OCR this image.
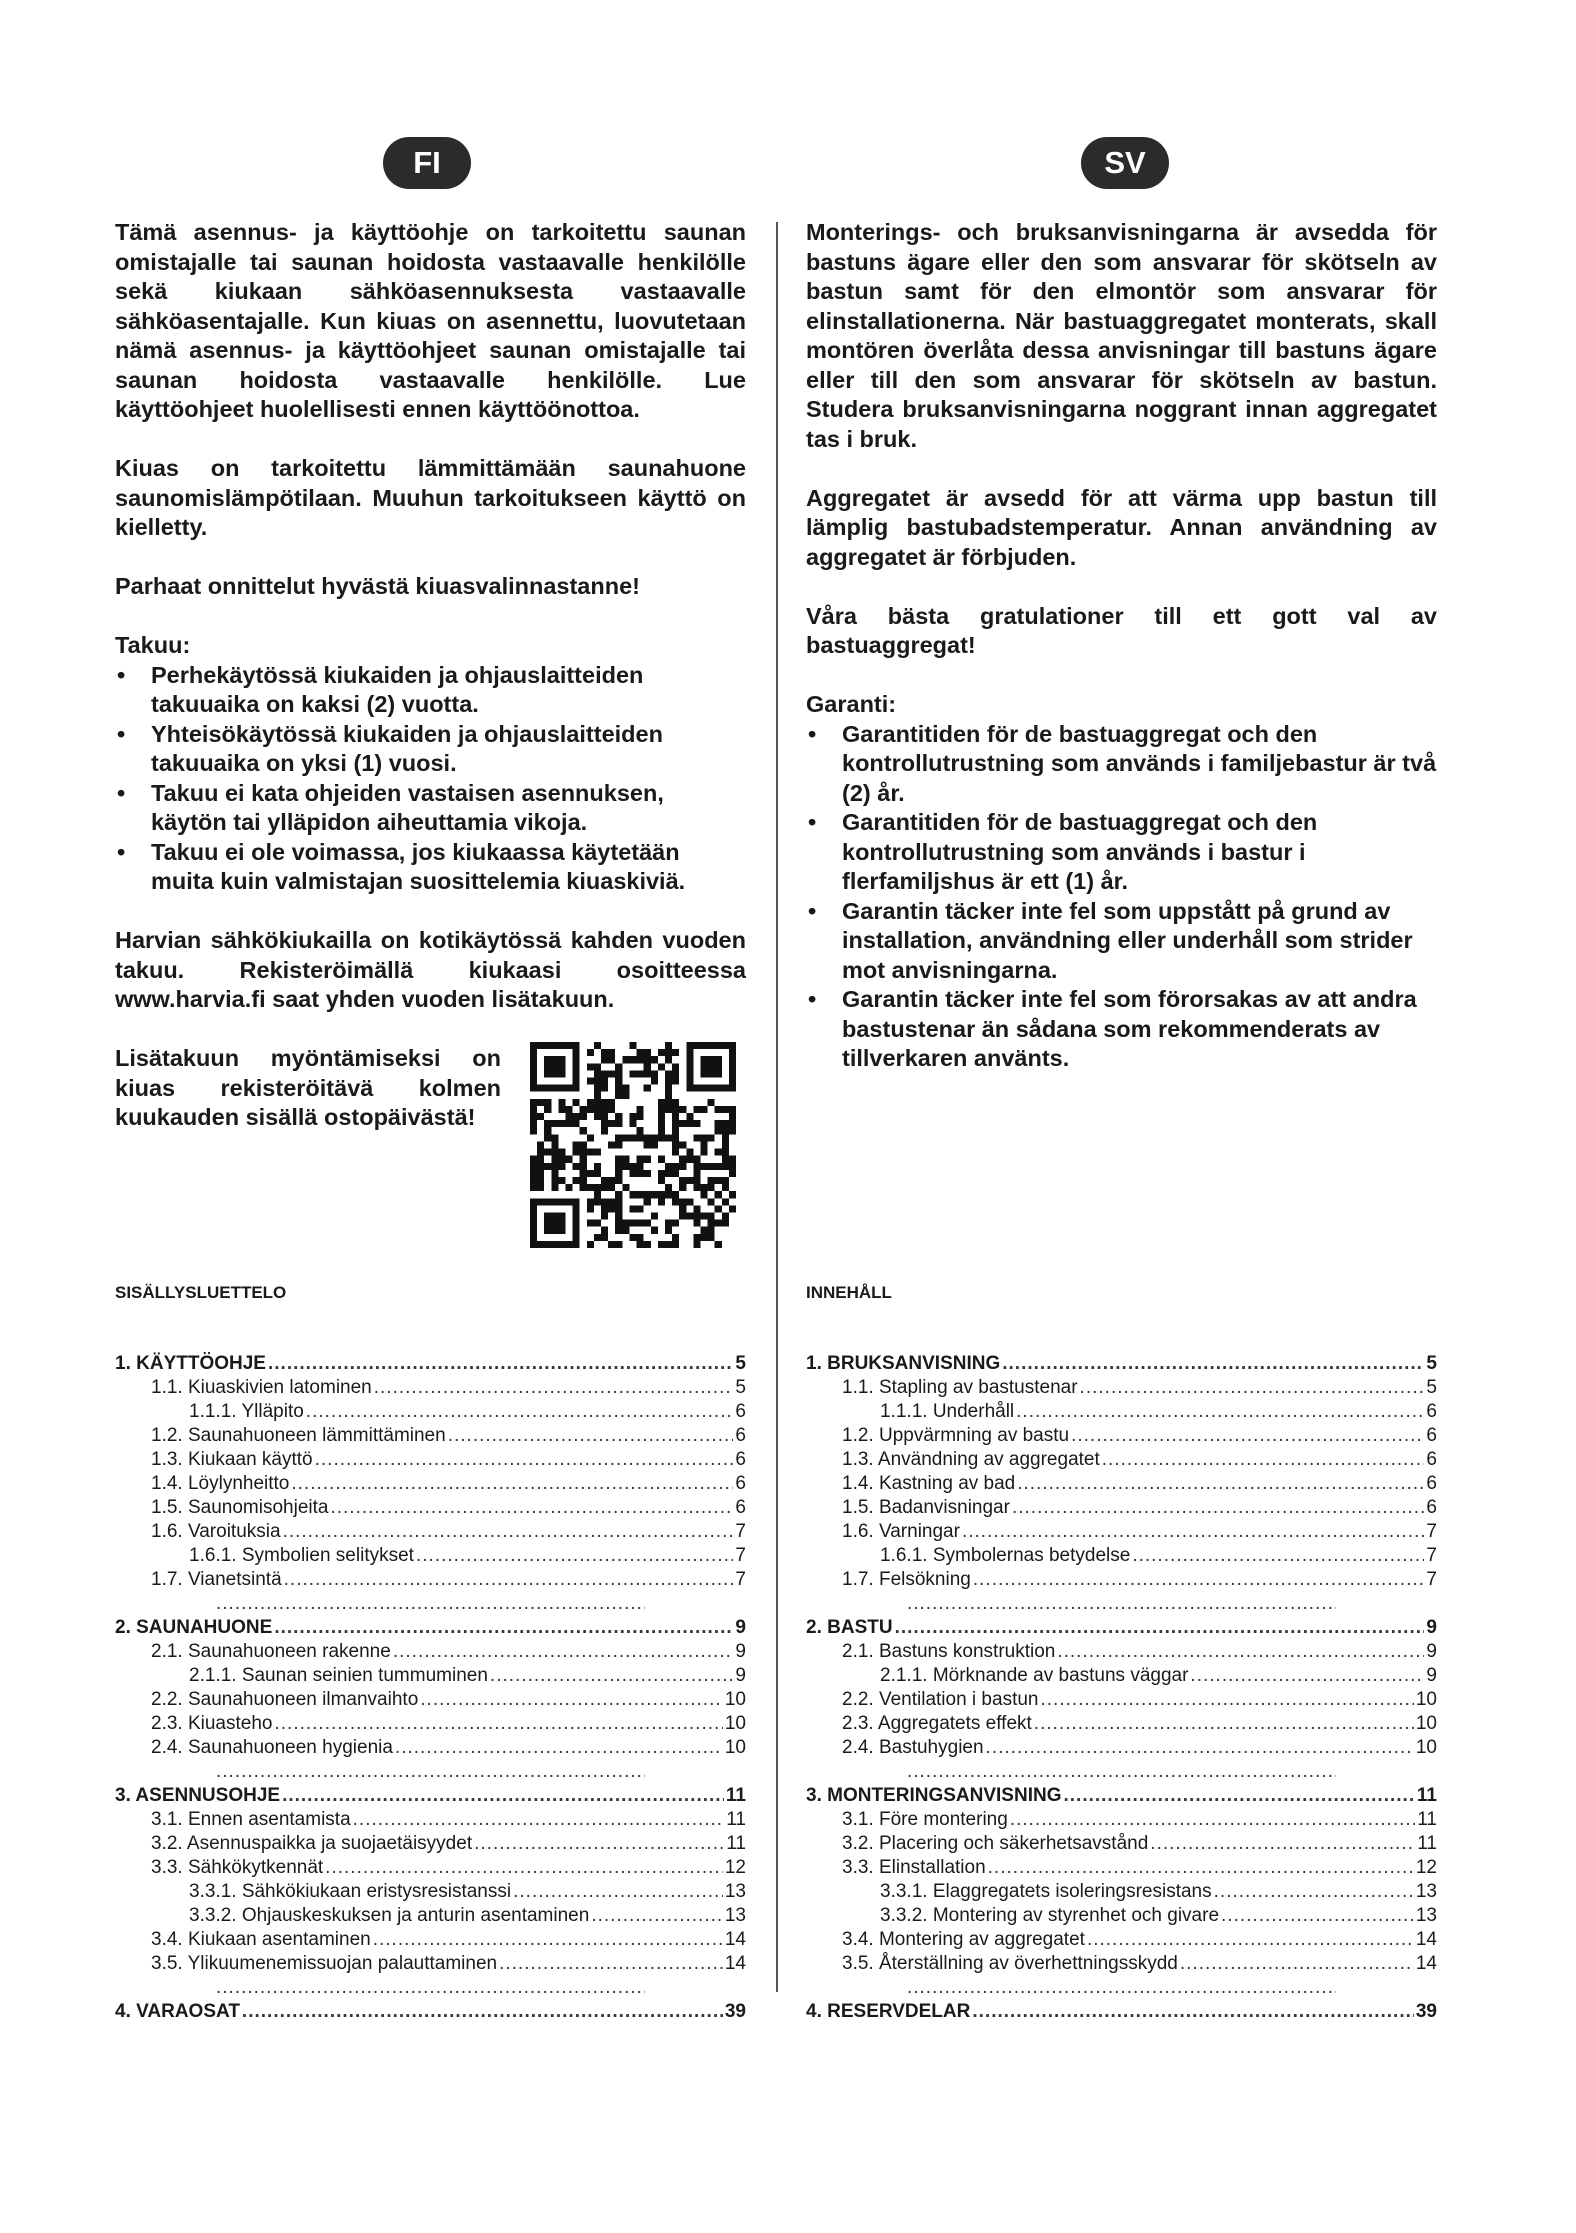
FI

Tämä asennus- ja käyttöohje on tarkoitettu saunan omistajalle tai saunan hoidosta vastaavalle henkilölle sekä kiukaan sähköasennuksesta vastaavalle sähköasentajalle. Kun kiuas on asennettu, luovutetaan nämä asennus- ja käyttöohjeet saunan omistajalle tai saunan hoidosta vastaavalle henkilölle. Lue käyttöohjeet huolellisesti ennen käyttöönottoa.

Kiuas on tarkoitettu lämmittämään saunahuone saunomislämpötilaan. Muuhun tarkoitukseen käyttö on kielletty.

Parhaat onnittelut hyvästä kiuasvalinnastanne!

Takuu:

• Perhekäytössä kiukaiden ja ohjauslaitteiden takuuaika on kaksi (2) vuotta.
• Yhteisökäytössä kiukaiden ja ohjauslaitteiden takuuaika on yksi (1) vuosi.
• Takuu ei kata ohjeiden vastaisen asennuksen, käytön tai ylläpidon aiheuttamia vikoja.
• Takuu ei ole voimassa, jos kiukaassa käytetään muita kuin valmistajan suosittelemia kiuaskiviä.

Harvian sähkökiukailla on kotikäytössä kahden vuoden takuu. Rekisteröimällä kiukaasi osoitteessa www.harvia.fi saat yhden vuoden lisätakuun.

Lisätakuun myöntämiseksi on kiuas rekisteröitävä kolmen kuukauden sisällä ostopäivästä!

SISÄLLYSLUETTELO
1. KÄYTTÖOHJE .....	5
1.1. Kiuaskivien latominen .....	5
1.1.1. Ylläpito .....	6
1.2. Saunahuoneen lämmittäminen .....	6
1.3. Kiukaan käyttö .....	6
1.4. Löylynheitto .....	6
1.5. Saunomisohjeita .....	6
1.6. Varoituksia .....	7
1.6.1. Symbolien selitykset .....	7
1.7. Vianetsintä .....	7
.....
2. SAUNAHUONE .....	9
2.1. Saunahuoneen rakenne .....	9
2.1.1. Saunan seinien tummuminen .....	9
2.2. Saunahuoneen ilmanvaihto .....	10
2.3. Kiuasteho .....	10
2.4. Saunahuoneen hygienia .....	10
.....
3. ASENNUSOHJE .....	11
3.1. Ennen asentamista .....	11
3.2. Asennuspaikka ja suojaetäisyydet .....	11
3.3. Sähkökytkennät .....	12
3.3.1. Sähkökiukaan eristysresistanssi .....	13
3.3.2. Ohjauskeskuksen ja anturin asentaminen .....	13
3.4. Kiukaan asentaminen .....	14
3.5. Ylikuumenemissuojan palauttaminen .....	14
.....
4. VARAOSAT .....	39
SV

Monterings- och bruksanvisningarna är avsedda för bastuns ägare eller den som ansvarar för skötseln av bastun samt för den elmontör som ansvarar för elinstallationerna. När bastuaggregatet monterats, skall montören överlåta dessa anvisningar till bastuns ägare eller till den som ansvarar för skötseln av bastun. Studera bruksanvisningarna noggrant innan aggregatet tas i bruk.

Aggregatet är avsedd för att värma upp bastun till lämplig bastubadstemperatur. Annan användning av aggregatet är förbjuden.

Våra bästa gratulationer till ett gott val av bastuaggregat!

Garanti:

• Garantitiden för de bastuaggregat och den kontrollutrustning som används i familjebastur är två (2) år.
• Garantitiden för de bastuaggregat och den kontrollutrustning som används i bastur i flerfamiljshus är ett (1) år.
• Garantin täcker inte fel som uppstått på grund av installation, användning eller underhåll som strider mot anvisningarna.
• Garantin täcker inte fel som förorsakas av att andra bastustenar än sådana som rekommenderats av tillverkaren använts.
INNEHÅLL
1. BRUKSANVISNING .....	5
1.1. Stapling av bastustenar .....	5
1.1.1. Underhåll .....	6
1.2. Uppvärmning av bastu .....	6
1.3. Användning av aggregatet .....	6
1.4. Kastning av bad .....	6
1.5. Badanvisningar .....	6
1.6. Varningar .....	7
1.6.1. Symbolernas betydelse .....	7
1.7. Felsökning .....	7
.....
2. BASTU .....	9
2.1. Bastuns konstruktion .....	9
2.1.1. Mörknande av bastuns väggar .....	9
2.2. Ventilation i bastun .....	10
2.3. Aggregatets effekt .....	10
2.4. Bastuhygien .....	10
.....
3. MONTERINGSANVISNING .....	11
3.1. Före montering .....	11
3.2. Placering och säkerhetsavstånd .....	11
3.3. Elinstallation .....	12
3.3.1. Elaggregatets isoleringsresistans .....	13
3.3.2. Montering av styrenhet och givare .....	13
3.4. Montering av aggregatet .....	14
3.5. Återställning av överhettningsskydd .....	14
.....
4. RESERVDELAR .....	39
